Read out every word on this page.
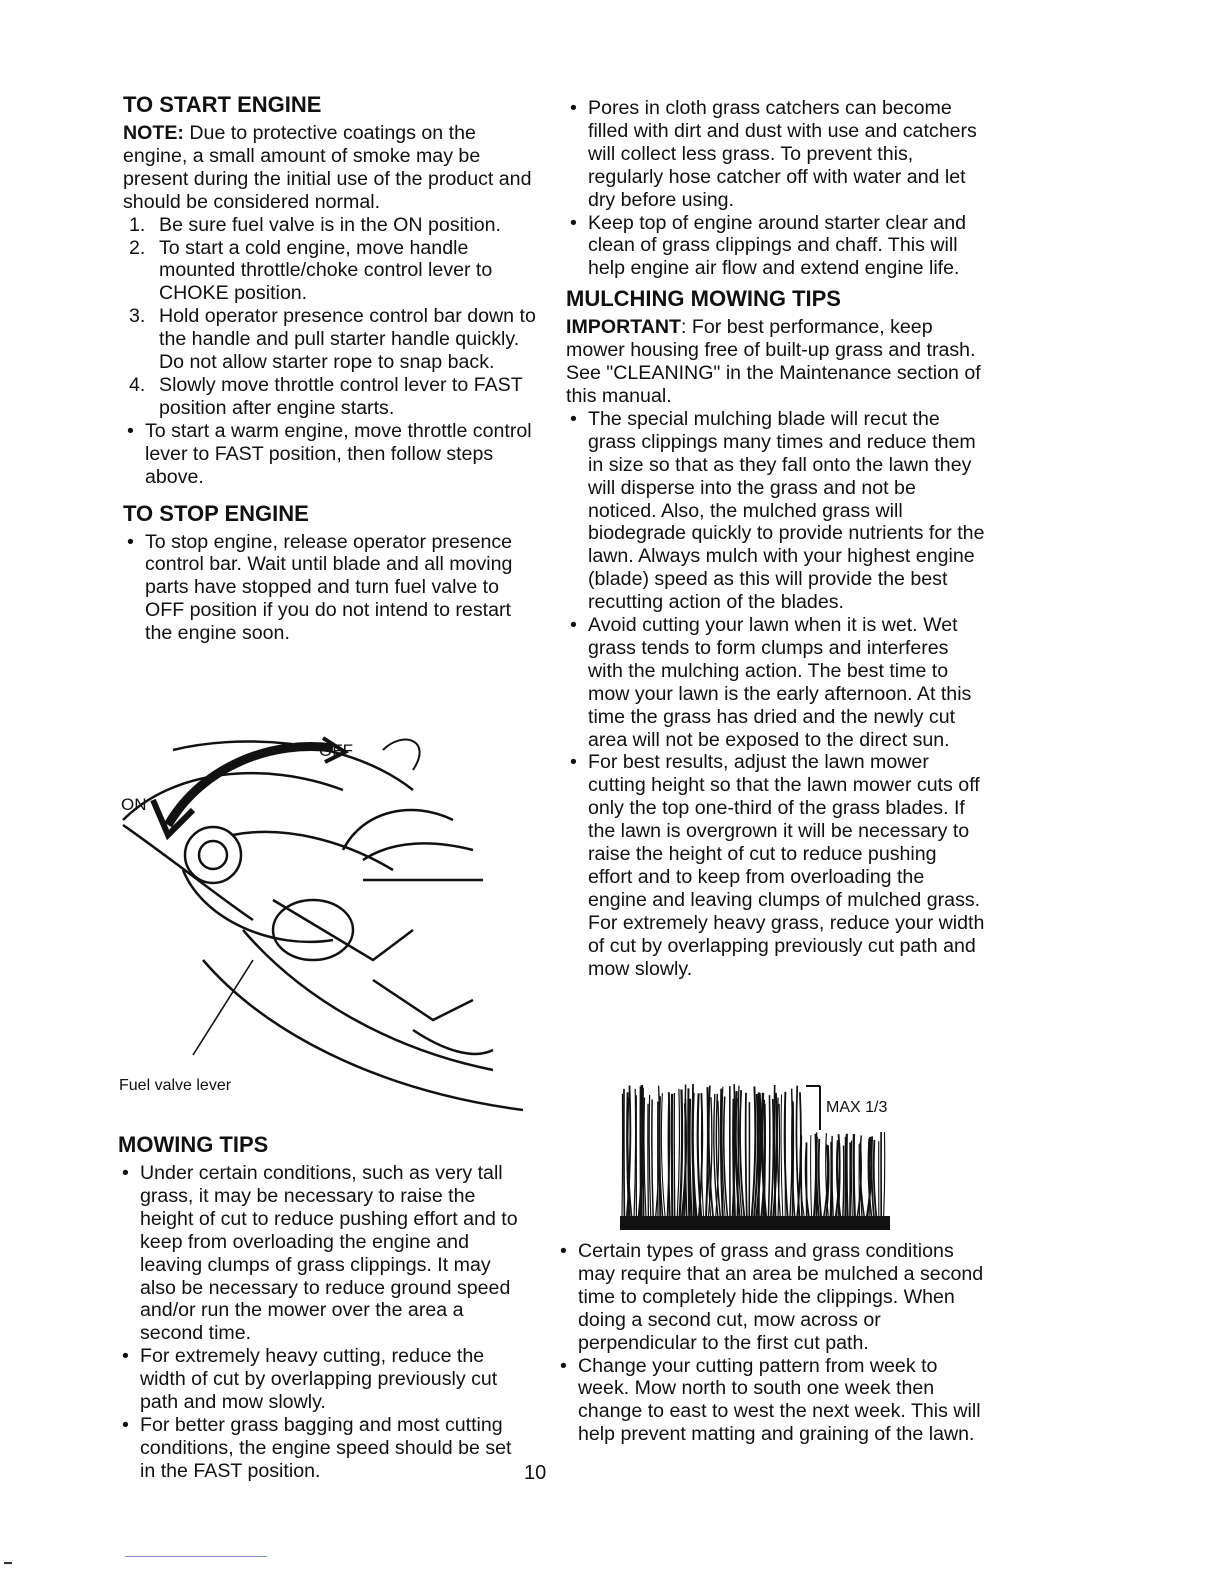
TO START ENGINE

NOTE: Due to protective coatings on the engine, a small amount of smoke may be present during the initial use of the product and should be considered normal.

1. Be sure fuel valve is in the ON position.
2. To start a cold engine, move handle mounted throttle/choke control lever to CHOKE position.
3. Hold operator presence control bar down to the handle and pull starter handle quickly. Do not allow starter rope to snap back.
4. Slowly move throttle control lever to FAST position after engine starts.
• To start a warm engine, move throttle control lever to FAST position, then follow steps above.
TO STOP ENGINE
• To stop engine, release operator presence control bar. Wait until blade and all moving parts have stopped and turn fuel valve to OFF position if you do not intend to restart the engine soon.
ON
OFF
Fuel valve lever
MOWING TIPS
• Under certain conditions, such as very tall grass, it may be necessary to raise the height of cut to reduce pushing effort and to keep from overloading the engine and leaving clumps of grass clippings. It may also be necessary to reduce ground speed and/or run the mower over the area a second time.
• For extremely heavy cutting, reduce the width of cut by overlapping previously cut path and mow slowly.
• For better grass bagging and most cutting conditions, the engine speed should be set in the FAST position.
• Pores in cloth grass catchers can become filled with dirt and dust with use and catchers will collect less grass. To prevent this, regularly hose catcher off with water and let dry before using.
• Keep top of engine around starter clear and clean of grass clippings and chaff. This will help engine air flow and extend engine life.
MULCHING MOWING TIPS

IMPORTANT: For best performance, keep mower housing free of built-up grass and trash. See "CLEANING" in the Maintenance section of this manual.

• The special mulching blade will recut the grass clippings many times and reduce them in size so that as they fall onto the lawn they will disperse into the grass and not be noticed. Also, the mulched grass will biodegrade quickly to provide nutrients for the lawn. Always mulch with your highest engine (blade) speed as this will provide the best recutting action of the blades.
• Avoid cutting your lawn when it is wet. Wet grass tends to form clumps and interferes with the mulching action. The best time to mow your lawn is the early afternoon. At this time the grass has dried and the newly cut area will not be exposed to the direct sun.
• For best results, adjust the lawn mower cutting height so that the lawn mower cuts off only the top one-third of the grass blades. If the lawn is overgrown it will be necessary to raise the height of cut to reduce pushing effort and to keep from overloading the engine and leaving clumps of mulched grass. For extremely heavy grass, reduce your width of cut by overlapping previously cut path and mow slowly.
MAX 1/3
• Certain types of grass and grass conditions may require that an area be mulched a second time to completely hide the clippings. When doing a second cut, mow across or perpendicular to the first cut path.
• Change your cutting pattern from week to week. Mow north to south one week then change to east to west the next week. This will help prevent matting and graining of the lawn.
10
